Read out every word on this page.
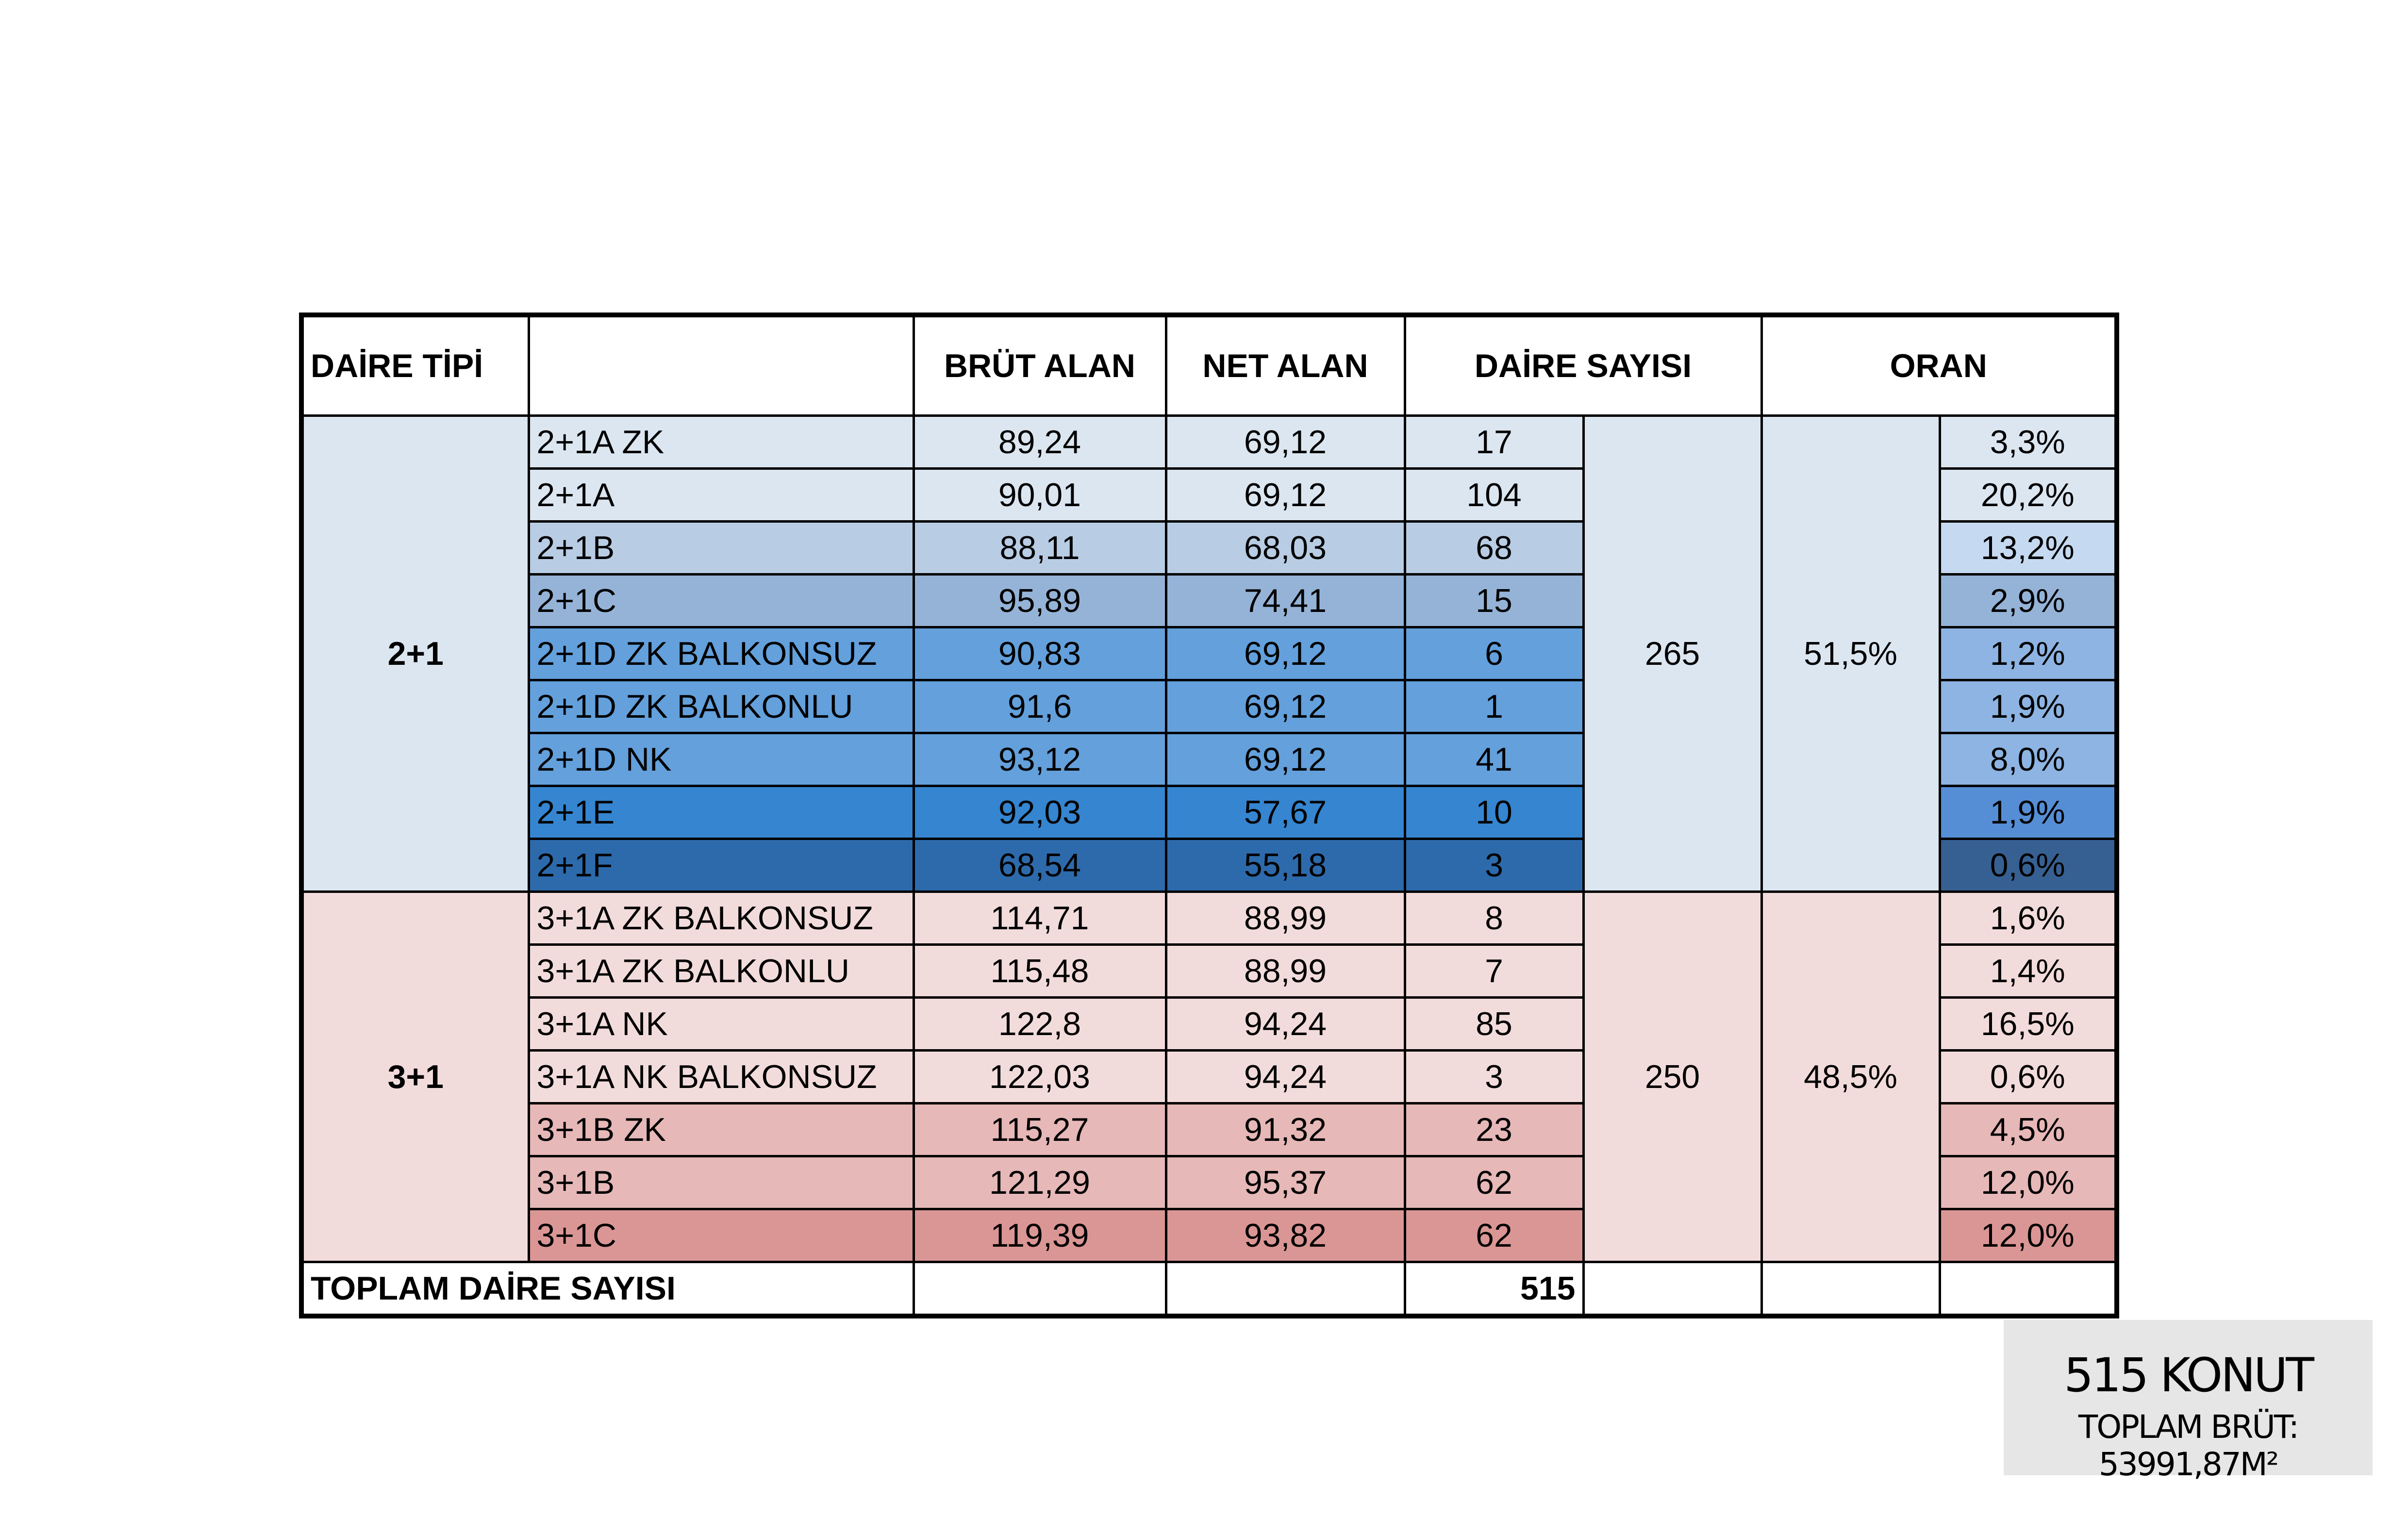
DAİRE TİPİ		BRÜT ALAN	NET ALAN	DAİRE SAYISI		ORAN	
2+1	2+1A ZK	89,24	69,12	17	265	51,5%	3,3%
	2+1A	90,01	69,12	104			20,2%
	2+1B	88,11	68,03	68			13,2%
	2+1C	95,89	74,41	15			2,9%
	2+1D ZK BALKONSUZ	90,83	69,12	6			1,2%
	2+1D ZK BALKONLU	91,6	69,12	1			1,9%
	2+1D NK	93,12	69,12	41			8,0%
	2+1E	92,03	57,67	10			1,9%
	2+1F	68,54	55,18	3			0,6%
3+1	3+1A ZK BALKONSUZ	114,71	88,99	8	250	48,5%	1,6%
	3+1A ZK BALKONLU	115,48	88,99	7			1,4%
	3+1A NK	122,8	94,24	85			16,5%
	3+1A NK BALKONSUZ	122,03	94,24	3			0,6%
	3+1B ZK	115,27	91,32	23			4,5%
	3+1B	121,29	95,37	62			12,0%
	3+1C	119,39	93,82	62			12,0%
TOPLAM DAİRE SAYISI				515			
515 KONUT
TOPLAM BRÜT: 53991,87M²
